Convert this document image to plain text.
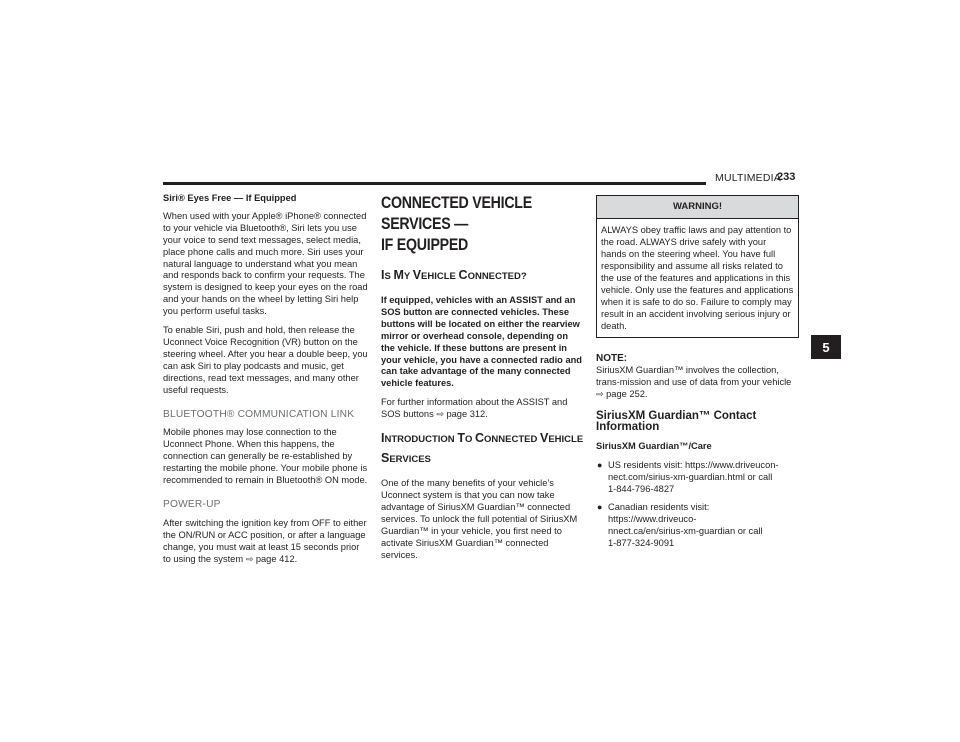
MULTIMEDIA
233
5

Siri® Eyes Free — If Equipped

When used with your Apple® iPhone® connected to your vehicle via Bluetooth®, Siri lets you use your voice to send text messages, select media, place phone calls and much more. Siri uses your natural language to understand what you mean and responds back to confirm your requests. The system is designed to keep your eyes on the road and your hands on the wheel by letting Siri help you perform useful tasks.

To enable Siri, push and hold, then release the Uconnect Voice Recognition (VR) button on the steering wheel. After you hear a double beep, you can ask Siri to play podcasts and music, get directions, read text messages, and many other useful requests.

BLUETOOTH® COMMUNICATION LINK

Mobile phones may lose connection to the Uconnect Phone. When this happens, the connection can generally be re-established by restarting the mobile phone. Your mobile phone is recommended to remain in Bluetooth® ON mode.

POWER-UP

After switching the ignition key from OFF to either the ON/RUN or ACC position, or after a language change, you must wait at least 15 seconds prior to using the system ⇨ page 412.

CONNECTED VEHICLE SERVICES —
IF EQUIPPED
IS MY VEHICLE CONNECTED?

If equipped, vehicles with an ASSIST and an SOS button are connected vehicles. These buttons will be located on either the rearview mirror or overhead console, depending on the vehicle. If these buttons are present in your vehicle, you have a connected radio and can take advantage of the many connected vehicle features.

For further information about the ASSIST and SOS buttons ⇨ page 312.

INTRODUCTION TO CONNECTED VEHICLE
SERVICES

One of the many benefits of your vehicle’s Uconnect system is that you can now take advantage of SiriusXM Guardian™ connected services. To unlock the full potential of SiriusXM Guardian™ in your vehicle, you first need to activate SiriusXM Guardian™ connected services.

WARNING!
ALWAYS obey traffic laws and pay attention to the road. ALWAYS drive safely with your hands on the steering wheel. You have full responsibility and assume all risks related to the use of the features and applications in this vehicle. Only use the features and applications when it is safe to do so. Failure to comply may result in an accident involving serious injury or death.
NOTE:

SiriusXM Guardian™ involves the collection, trans-mission and use of data from your vehicle
⇨ page 252.

SiriusXM Guardian™ Contact Information

SiriusXM Guardian™/Care

● US residents visit: https://www.driveucon-
nect.com/sirius-xm-guardian.html or call
1-844-796-4827
● Canadian residents visit: https://www.driveuco-
nnect.ca/en/sirius-xm-guardian or call
1-877-324-9091
